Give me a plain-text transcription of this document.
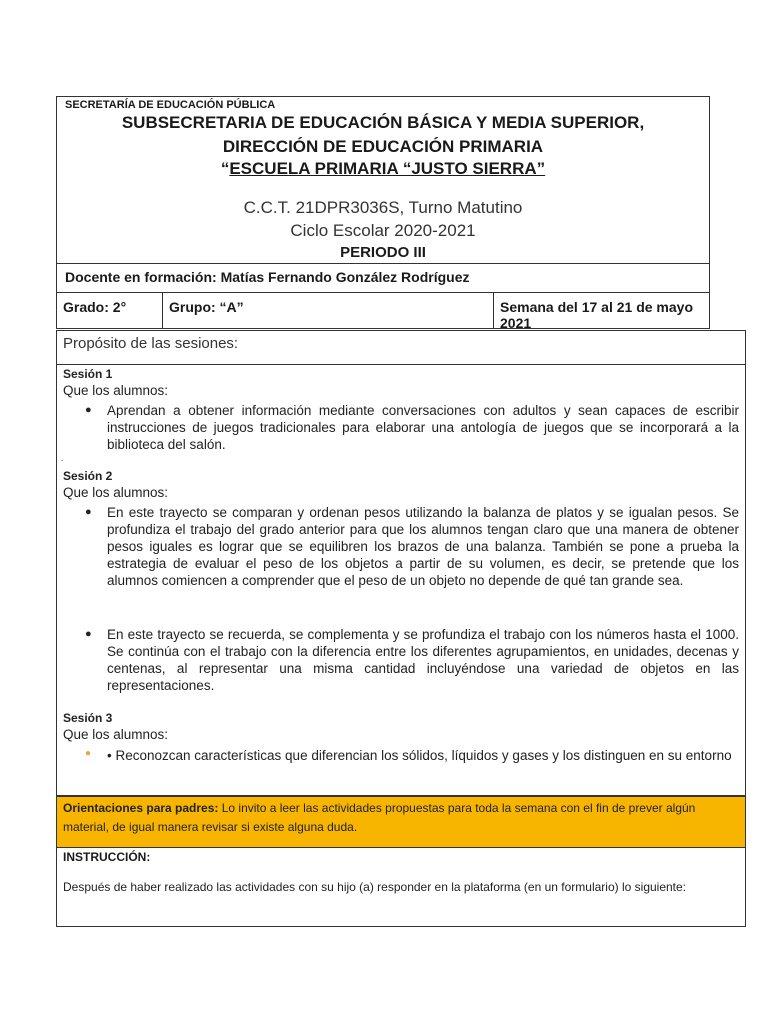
SECRETARÍA DE EDUCACIÓN PÚBLICA
SUBSECRETARIA DE EDUCACIÓN BÁSICA Y MEDIA SUPERIOR,
DIRECCIÓN DE EDUCACIÓN PRIMARIA
“ESCUELA PRIMARIA “JUSTO SIERRA”
C.C.T. 21DPR3036S, Turno Matutino
Ciclo Escolar 2020-2021
PERIODO III
Docente en formación: Matías Fernando González Rodríguez
Grado: 2°	Grupo: “A”	Semana del 17 al 21 de mayo 2021
Propósito de las sesiones:
Sesión 1
Que los alumnos:
● Aprendan a obtener información mediante conversaciones con adultos y sean capaces de escribir instrucciones de juegos tradicionales para elaborar una antología de juegos que se incorporará a la biblioteca del salón.
.
Sesión 2
Que los alumnos:
● En este trayecto se comparan y ordenan pesos utilizando la balanza de platos y se igualan pesos. Se profundiza el trabajo del grado anterior para que los alumnos tengan claro que una manera de obtener pesos iguales es lograr que se equilibren los brazos de una balanza. También se pone a prueba la estrategia de evaluar el peso de los objetos a partir de su volumen, es decir, se pretende que los alumnos comiencen a comprender que el peso de un objeto no depende de qué tan grande sea.
● En este trayecto se recuerda, se complementa y se profundiza el trabajo con los números hasta el 1000. Se continúa con el trabajo con la diferencia entre los diferentes agrupamientos, en unidades, decenas y centenas, al representar una misma cantidad incluyéndose una variedad de objetos en las representaciones.
Sesión 3
Que los alumnos:
● • Reconozcan características que diferencian los sólidos, líquidos y gases y los distinguen en su entorno

Orientaciones para padres: Lo invito a leer las actividades propuestas para toda la semana con el fin de prever algún material, de igual manera revisar si existe alguna duda.

INSTRUCCIÓN:

Después de haber realizado las actividades con su hijo (a) responder en la plataforma (en un formulario) lo siguiente:
